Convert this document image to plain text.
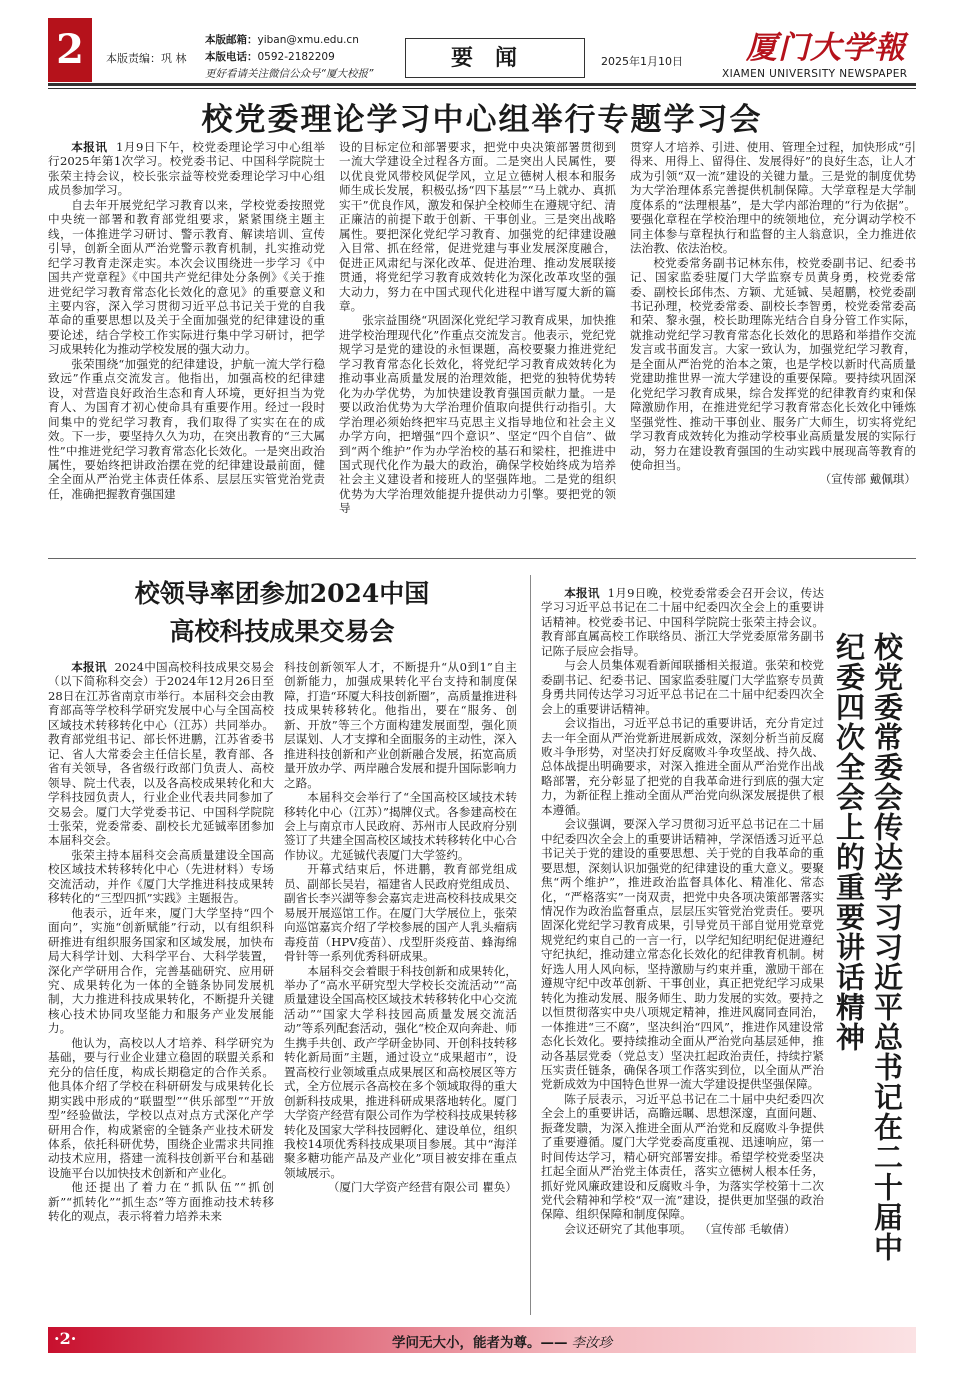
2	本版责编：巩 林
本版邮箱：yiban@xmu.edu.cn
本版电话：0592-2182209
更好看请关注微信公众号“厦大校报”
要闻	2025年1月10日 厦门大学報
XIAMEN UNIVERSITY NEWSPAPER
校党委理论学习中心组举行专题学习会

本报讯 1月9日下午，校党委理论学习中心组举行2025年第1次学习。校党委书记、中国科学院院士张荣主持会议，校长张宗益等校党委理论学习中心组成员参加学习。

自去年开展党纪学习教育以来，学校党委按照党中央统一部署和教育部党组要求，紧紧围绕主题主线，一体推进学习研讨、警示教育、解读培训、宣传引导，创新全面从严治党警示教育机制，扎实推动党纪学习教育走深走实。本次会议围绕进一步学习《中国共产党章程》《中国共产党纪律处分条例》《关于推进党纪学习教育常态化长效化的意见》的重要意义和主要内容，深入学习贯彻习近平总书记关于党的自我革命的重要思想以及关于全面加强党的纪律建设的重要论述，结合学校工作实际进行集中学习研讨，把学习成果转化为推动学校发展的强大动力。

张荣围绕“加强党的纪律建设，护航一流大学行稳致远”作重点交流发言。他指出，加强高校的纪律建设，对营造良好政治生态和育人环境，更好担当为党育人、为国育才初心使命具有重要作用。经过一段时间集中的党纪学习教育，我们取得了实实在在的成效。下一步，要坚持久久为功，在突出教育的“三大属性”中推进党纪学习教育常态化长效化。一是突出政治属性，要始终把讲政治摆在党的纪律建设最前面，健全全面从严治党主体责任体系、层层压实管党治党责任，准确把握教育强国建

设的目标定位和部署要求，把党中央决策部署贯彻到一流大学建设全过程各方面。二是突出人民属性，要以优良党风带校风促学风，立足立德树人根本和服务师生成长发展，积极弘扬“四下基层”“马上就办、真抓实干”优良作风，激发和保护全校师生在遵规守纪、清正廉洁的前提下敢于创新、干事创业。三是突出战略属性。要把深化党纪学习教育、加强党的纪律建设融入目常、抓在经常，促进党建与事业发展深度融合，促进正风肃纪与深化改革、促进治理、推动发展联接贯通，将党纪学习教育成效转化为深化改革攻坚的强大动力，努力在中国式现代化进程中谱写厦大新的篇章。

张宗益围绕“巩固深化党纪学习教育成果，加快推进学校治理现代化”作重点交流发言。他表示，党纪党规学习是党的建设的永恒课题，高校要聚力推进党纪学习教育常态化长效化，将党纪学习教育成效转化为推动事业高质量发展的治理效能，把党的独特优势转化为办学优势，为加快建设教育强国贡献力量。一是要以政治优势为大学治理价值取向提供行动指引。大学治理必须始终把牢马克思主义指导地位和社会主义办学方向，把增强“四个意识”、坚定“四个自信”、做到“两个维护”作为办学治校的基石和梁柱，把推进中国式现代化作为最大的政治，确保学校始终成为培养社会主义建设者和接班人的坚强阵地。二是党的组织优势为大学治理效能提升提供动力引擎。要把党的领导

贯穿人才培养、引进、使用、管理全过程，加快形成“引得来、用得上、留得住、发展得好”的良好生态，让人才成为引领“双一流”建设的关键力量。三是党的制度优势为大学治理体系完善提供机制保障。大学章程是大学制度体系的“法理根基”，是大学内部治理的“行为依据”。要强化章程在学校治理中的统领地位，充分调动学校不同主体参与章程执行和监督的主人翁意识，全力推进依法治教、依法治校。

校党委常务副书记林东伟，校党委副书记、纪委书记、国家监委驻厦门大学监察专员黄身勇，校党委常委、副校长邱伟杰、方颖、尤延铖、吴超鹏，校党委副书记孙理，校党委常委、副校长李智勇，校党委常委高和荣、黎永强，校长助理陈光结合自身分管工作实际，就推动党纪学习教育常态化长效化的思路和举措作交流发言或书面发言。大家一致认为，加强党纪学习教育，是全面从严治党的治本之策，也是学校以新时代高质量党建助推世界一流大学建设的重要保障。要持续巩固深化党纪学习教育成果，综合发挥党的纪律教育约束和保障激励作用，在推进党纪学习教育常态化长效化中锤炼坚强党性、推动干事创业、服务广大师生，切实将党纪学习教育成效转化为推动学校事业高质量发展的实际行动，努力在建设教育强国的生动实践中展现高等教育的使命担当。

（宣传部 戴佩琪）

校领导率团参加2024中国
高校科技成果交易会

本报讯 2024中国高校科技成果交易会（以下简称科交会）于2024年12月26日至28日在江苏省南京市举行。本届科交会由教育部高等学校科学研究发展中心与全国高校区域技术转移转化中心（江苏）共同举办。教育部党组书记、部长怀进鹏，江苏省委书记、省人大常委会主任信长星，教育部、各省有关领导，各省级行政部门负责人、高校领导、院士代表，以及各高校成果转化和大学科技园负责人，行业企业代表共同参加了交易会。厦门大学党委书记、中国科学院院士张荣，党委常委、副校长尤延铖率团参加本届科交会。

张荣主持本届科交会高质量建设全国高校区域技术转移转化中心（先进材料）专场交流活动，并作《厦门大学推进科技成果转移转化的“三型四抓”实践》主题报告。

他表示，近年来，厦门大学坚持“四个面向”，实施“创新赋能”行动，以有组织科研推进有组织服务国家和区域发展，加快布局大科学计划、大科学平台、大科学装置，深化产学研用合作，完善基础研究、应用研究、成果转化为一体的全链条协同发展机制，大力推进科技成果转化，不断提升关键核心技术协同攻坚能力和服务产业发展能力。

他认为，高校以人才培养、科学研究为基础，要与行业企业建立稳固的联盟关系和充分的信任度，构成长期稳定的合作关系。他具体介绍了学校在科研研发与成果转化长期实践中形成的“联盟型”“供乐部型”“开放型”经验做法，学校以点对点方式深化产学研用合作，构成紧密的全链条产业技术研发体系，依托科研优势，围绕企业需求共同推动技术应用，搭建一流科技创新平台和基础设施平台以加快技术创新和产业化。

他还提出了着力在“抓队伍”“抓创新”“抓转化”“抓生态”等方面推动技术转移转化的观点，表示将着力培养未来

科技创新领军人才，不断提升“从0到1”自主创新能力，加强成果转化平台支持和制度保障，打造“环厦大科技创新圈”，高质量推进科技成果转移转化。他指出，要在“服务、创新、开放”等三个方面构建发展面型，强化顶层谋划、人才支撑和全面服务的主动性，深入推进科技创新和产业创新融合发展，拓宽高质量开放办学、两岸融合发展和提升国际影响力之路。

本届科交会举行了“全国高校区域技术转移转化中心（江苏）”揭牌仪式。各参建高校在会上与南京市人民政府、苏州市人民政府分别签订了共建全国高校区域技术转移转化中心合作协议。尤延铖代表厦门大学签约。

开幕式结束后，怀进鹏，教育部党组成员、副部长吴岩，福建省人民政府党组成员、副省长李兴湖等参会嘉宾走进高校科技成果交易展开展巡馆工作。在厦门大学展位上，张荣向巡馆嘉宾介绍了学校参展的国产人乳头瘤病毒疫苗（HPV疫苗）、戊型肝炎疫苗、蜂海绵骨针等一系列优秀科研成果。

本届科交会着眼于科技创新和成果转化，举办了“高水平研究型大学校长交流活动”“高质量建设全国高校区域技术转移转化中心交流活动”“国家大学科技园高质量发展交流活动”等系列配套活动，强化“校企双向奔赴、师生携手共创、政产学研金协同、开创科技转移转化新局面”主题，通过设立“成果超市”，设置高校行业领域重点成果展区和高校展区等方式，全方位展示各高校在多个领域取得的重大创新科技成果，推进科研成果落地转化。厦门大学资产经营有限公司作为学校科技成果转移转化及国家大学科技园孵化、建设单位，组织我校14项优秀科技成果项目参展。其中“海洋聚多糖功能产品及产业化”项目被安排在重点领域展示。

（厦门大学资产经营有限公司 瞿奂）

本报讯 1月9日晚，校党委常委会召开会议，传达学习习近平总书记在二十届中纪委四次全会上的重要讲话精神。校党委书记、中国科学院院士张荣主持会议。教育部直属高校工作联络员、浙江大学党委原常务副书记陈子辰应会指导。

与会人员集体观看新闻联播相关报道。张荣和校党委副书记、纪委书记、国家监委驻厦门大学监察专员黄身勇共同传达学习习近平总书记在二十届中纪委四次全会上的重要讲话精神。

会议指出，习近平总书记的重要讲话，充分肯定过去一年全面从严治党新进展新成效，深刻分析当前反腐败斗争形势，对坚决打好反腐败斗争攻坚战、持久战、总体战提出明确要求，对深入推进全面从严治党作出战略部署，充分彰显了把党的自我革命进行到底的强大定力，为新征程上推动全面从严治党向纵深发展提供了根本遵循。

会议强调，要深入学习贯彻习近平总书记在二十届中纪委四次全会上的重要讲话精神，学深悟透习近平总书记关于党的建设的重要思想、关于党的自我革命的重要思想，深刻认识加强党的纪律建设的重大意义。要聚焦“两个维护”，推进政治监督具体化、精准化、常态化，“严格落实”一岗双责，把党中央各项决策部署落实情况作为政治监督重点，层层压实管党治党责任。要巩固深化党纪学习教育成果，引导党员干部自觉用党章党规党纪约束自己的一言一行，以学纪知纪明纪促进遵纪守纪执纪，推动建立常态化长效化的纪律教育机制。树好选人用人风向标，坚持激励与约束并重，激励干部在遵规守纪中改革创新、干事创业，真正把党纪学习成果转化为推动发展、服务师生、助力发展的实效。要持之以恒贯彻落实中央八项规定精神，推进风腐同查同治，一体推进“三不腐”，坚决纠治“四风”，推进作风建设常态化长效化。要持续推动全面从严治党向基层延伸，推动各基层党委（党总支）坚决扛起政治责任，持续拧紧压实责任链条，确保各项工作落实到位，以全面从严治党新成效为中国特色世界一流大学建设提供坚强保障。

陈子辰表示，习近平总书记在二十届中央纪委四次全会上的重要讲话，高瞻远瞩、思想深邃，直面问题、振聋发聩，为深入推进全面从严治党和反腐败斗争提供了重要遵循。厦门大学党委高度重视、迅速响应，第一时间传达学习，精心研究部署安排。希望学校党委坚决扛起全面从严治党主体责任，落实立德树人根本任务，抓好党风廉政建设和反腐败斗争，为落实学校第十二次党代会精神和学校“双一流”建设，提供更加坚强的政治保障、组织保障和制度保障。

会议还研究了其他事项。 （宣传部 毛敏倩）	校党委常委会传达学习习近平总书记在二十届中纪委四次全会上的重要讲话精神
·2·	学问无大小，能者为尊。—— 李汝珍
